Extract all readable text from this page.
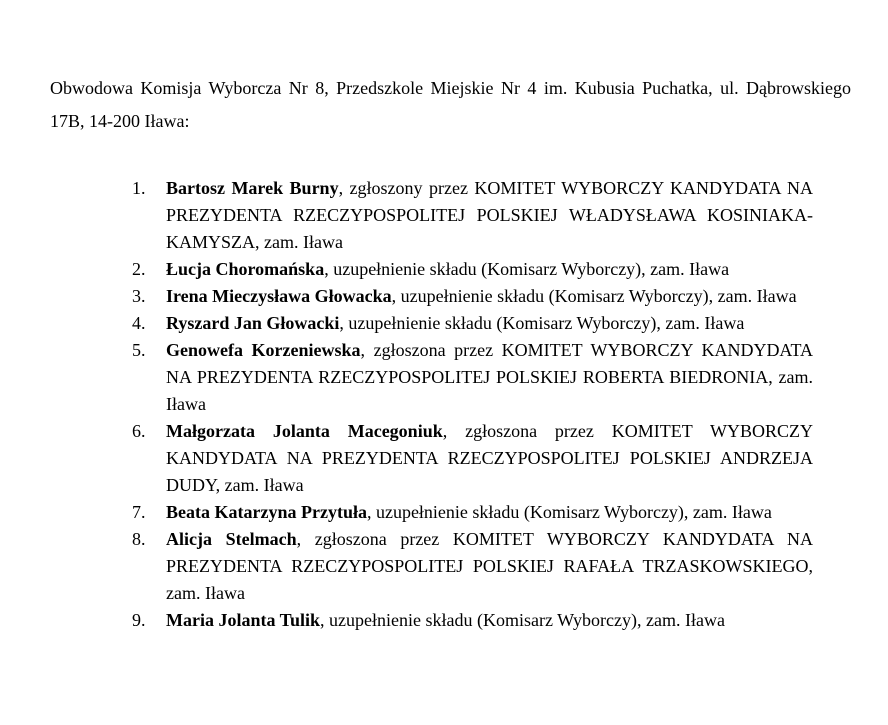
Obwodowa Komisja Wyborcza Nr 8, Przedszkole Miejskie Nr 4 im. Kubusia Puchatka, ul. Dąbrowskiego 17B, 14-200 Iława:

1.	Bartosz Marek Burny, zgłoszony przez KOMITET WYBORCZY KANDYDATA NA PREZYDENTA RZECZYPOSPOLITEJ POLSKIEJ WŁADYSŁAWA KOSINIAKA-KAMYSZA, zam. Iława
2.	Łucja Choromańska, uzupełnienie składu (Komisarz Wyborczy), zam. Iława
3.	Irena Mieczysława Głowacka, uzupełnienie składu (Komisarz Wyborczy), zam. Iława
4.	Ryszard Jan Głowacki, uzupełnienie składu (Komisarz Wyborczy), zam. Iława
5.	Genowefa Korzeniewska, zgłoszona przez KOMITET WYBORCZY KANDYDATA NA PREZYDENTA RZECZYPOSPOLITEJ POLSKIEJ ROBERTA BIEDRONIA, zam. Iława
6.	Małgorzata Jolanta Macegoniuk, zgłoszona przez KOMITET WYBORCZY KANDYDATA NA PREZYDENTA RZECZYPOSPOLITEJ POLSKIEJ ANDRZEJA DUDY, zam. Iława
7.	Beata Katarzyna Przytuła, uzupełnienie składu (Komisarz Wyborczy), zam. Iława
8.	Alicja Stelmach, zgłoszona przez KOMITET WYBORCZY KANDYDATA NA PREZYDENTA RZECZYPOSPOLITEJ POLSKIEJ RAFAŁA TRZASKOWSKIEGO, zam. Iława
9.	Maria Jolanta Tulik, uzupełnienie składu (Komisarz Wyborczy), zam. Iława
